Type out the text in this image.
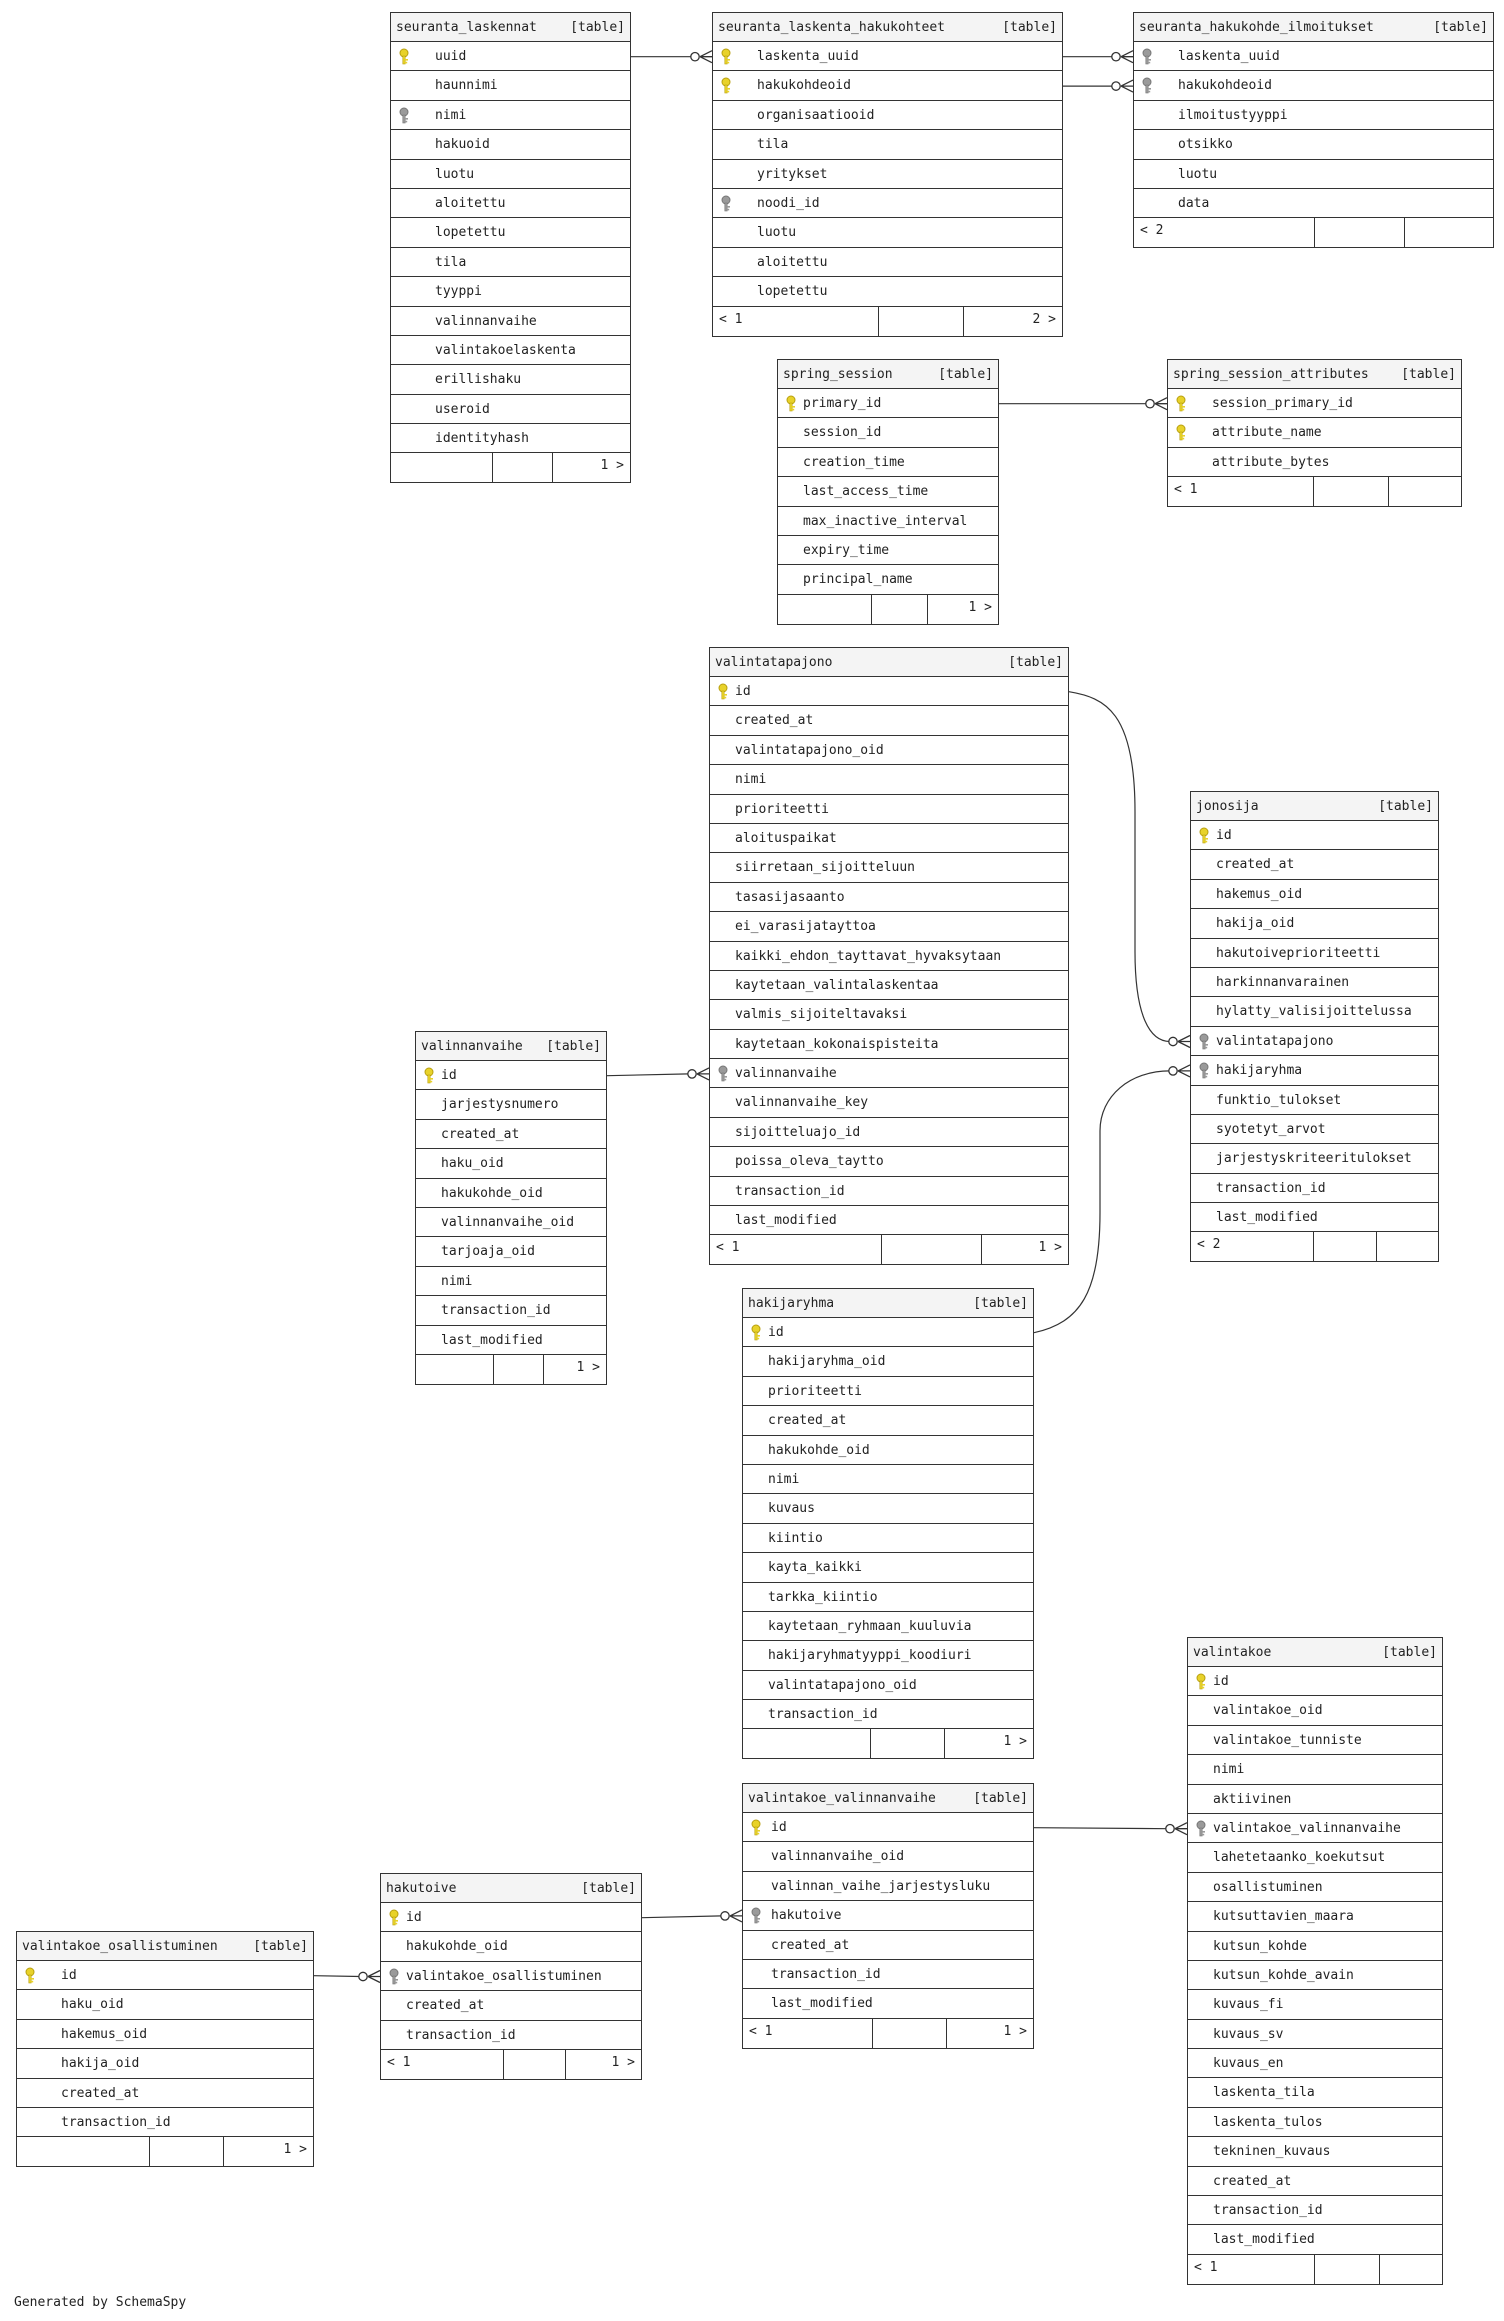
seuranta_laskennat	[table]
uuid
haunnimi
nimi
hakuoid
luotu
aloitettu
lopetettu
tila
tyyppi
valinnanvaihe
valintakoelaskenta
erillishaku
useroid
identityhash
1 >
seuranta_laskenta_hakukohteet	[table]
laskenta_uuid
hakukohdeoid
organisaatiooid
tila
yritykset
noodi_id
luotu
aloitettu
lopetettu
< 1	2 >
seuranta_hakukohde_ilmoitukset	[table]
laskenta_uuid
hakukohdeoid
ilmoitustyyppi
otsikko
luotu
data
< 2
spring_session	[table]
primary_id
session_id
creation_time
last_access_time
max_inactive_interval
expiry_time
principal_name
1 >
spring_session_attributes	[table]
session_primary_id
attribute_name
attribute_bytes
< 1
valintatapajono	[table]
id
created_at
valintatapajono_oid
nimi
prioriteetti
aloituspaikat
siirretaan_sijoitteluun
tasasijasaanto
ei_varasijatayttoa
kaikki_ehdon_tayttavat_hyvaksytaan
kaytetaan_valintalaskentaa
valmis_sijoiteltavaksi
kaytetaan_kokonaispisteita
valinnanvaihe
valinnanvaihe_key
sijoitteluajo_id
poissa_oleva_taytto
transaction_id
last_modified
< 1	1 >
jonosija	[table]
id
created_at
hakemus_oid
hakija_oid
hakutoiveprioriteetti
harkinnanvarainen
hylatty_valisijoittelussa
valintatapajono
hakijaryhma
funktio_tulokset
syotetyt_arvot
jarjestyskriteeritulokset
transaction_id
last_modified
< 2
valinnanvaihe [table]
id
jarjestysnumero
created_at
haku_oid
hakukohde_oid
valinnanvaihe_oid
tarjoaja_oid
nimi
transaction_id
last_modified
1 >
hakijaryhma	[table]
id
hakijaryhma_oid
prioriteetti
created_at
hakukohde_oid
nimi
kuvaus
kiintio
kayta_kaikki
tarkka_kiintio
kaytetaan_ryhmaan_kuuluvia
hakijaryhmatyyppi_koodiuri
valintatapajono_oid
transaction_id
1 >
valintakoe	[table]
id
valintakoe_oid
valintakoe_tunniste
nimi
aktiivinen
valintakoe_valinnanvaihe
lahetetaanko_koekutsut
osallistuminen
kutsuttavien_maara
kutsun_kohde
kutsun_kohde_avain
kuvaus_fi
kuvaus_sv
kuvaus_en
laskenta_tila
laskenta_tulos
tekninen_kuvaus
created_at
transaction_id
last_modified
< 1
valintakoe_valinnanvaihe	[table]
id
valinnanvaihe_oid
valinnan_vaihe_jarjestysluku
hakutoive
created_at
transaction_id
last_modified
< 1	1 >
hakutoive	[table]
id
hakukohde_oid
valintakoe_osallistuminen
created_at
transaction_id
< 1	1 >
valintakoe_osallistuminen	[table]
id
haku_oid
hakemus_oid
hakija_oid
created_at
transaction_id
1 >
Generated by SchemaSpy
